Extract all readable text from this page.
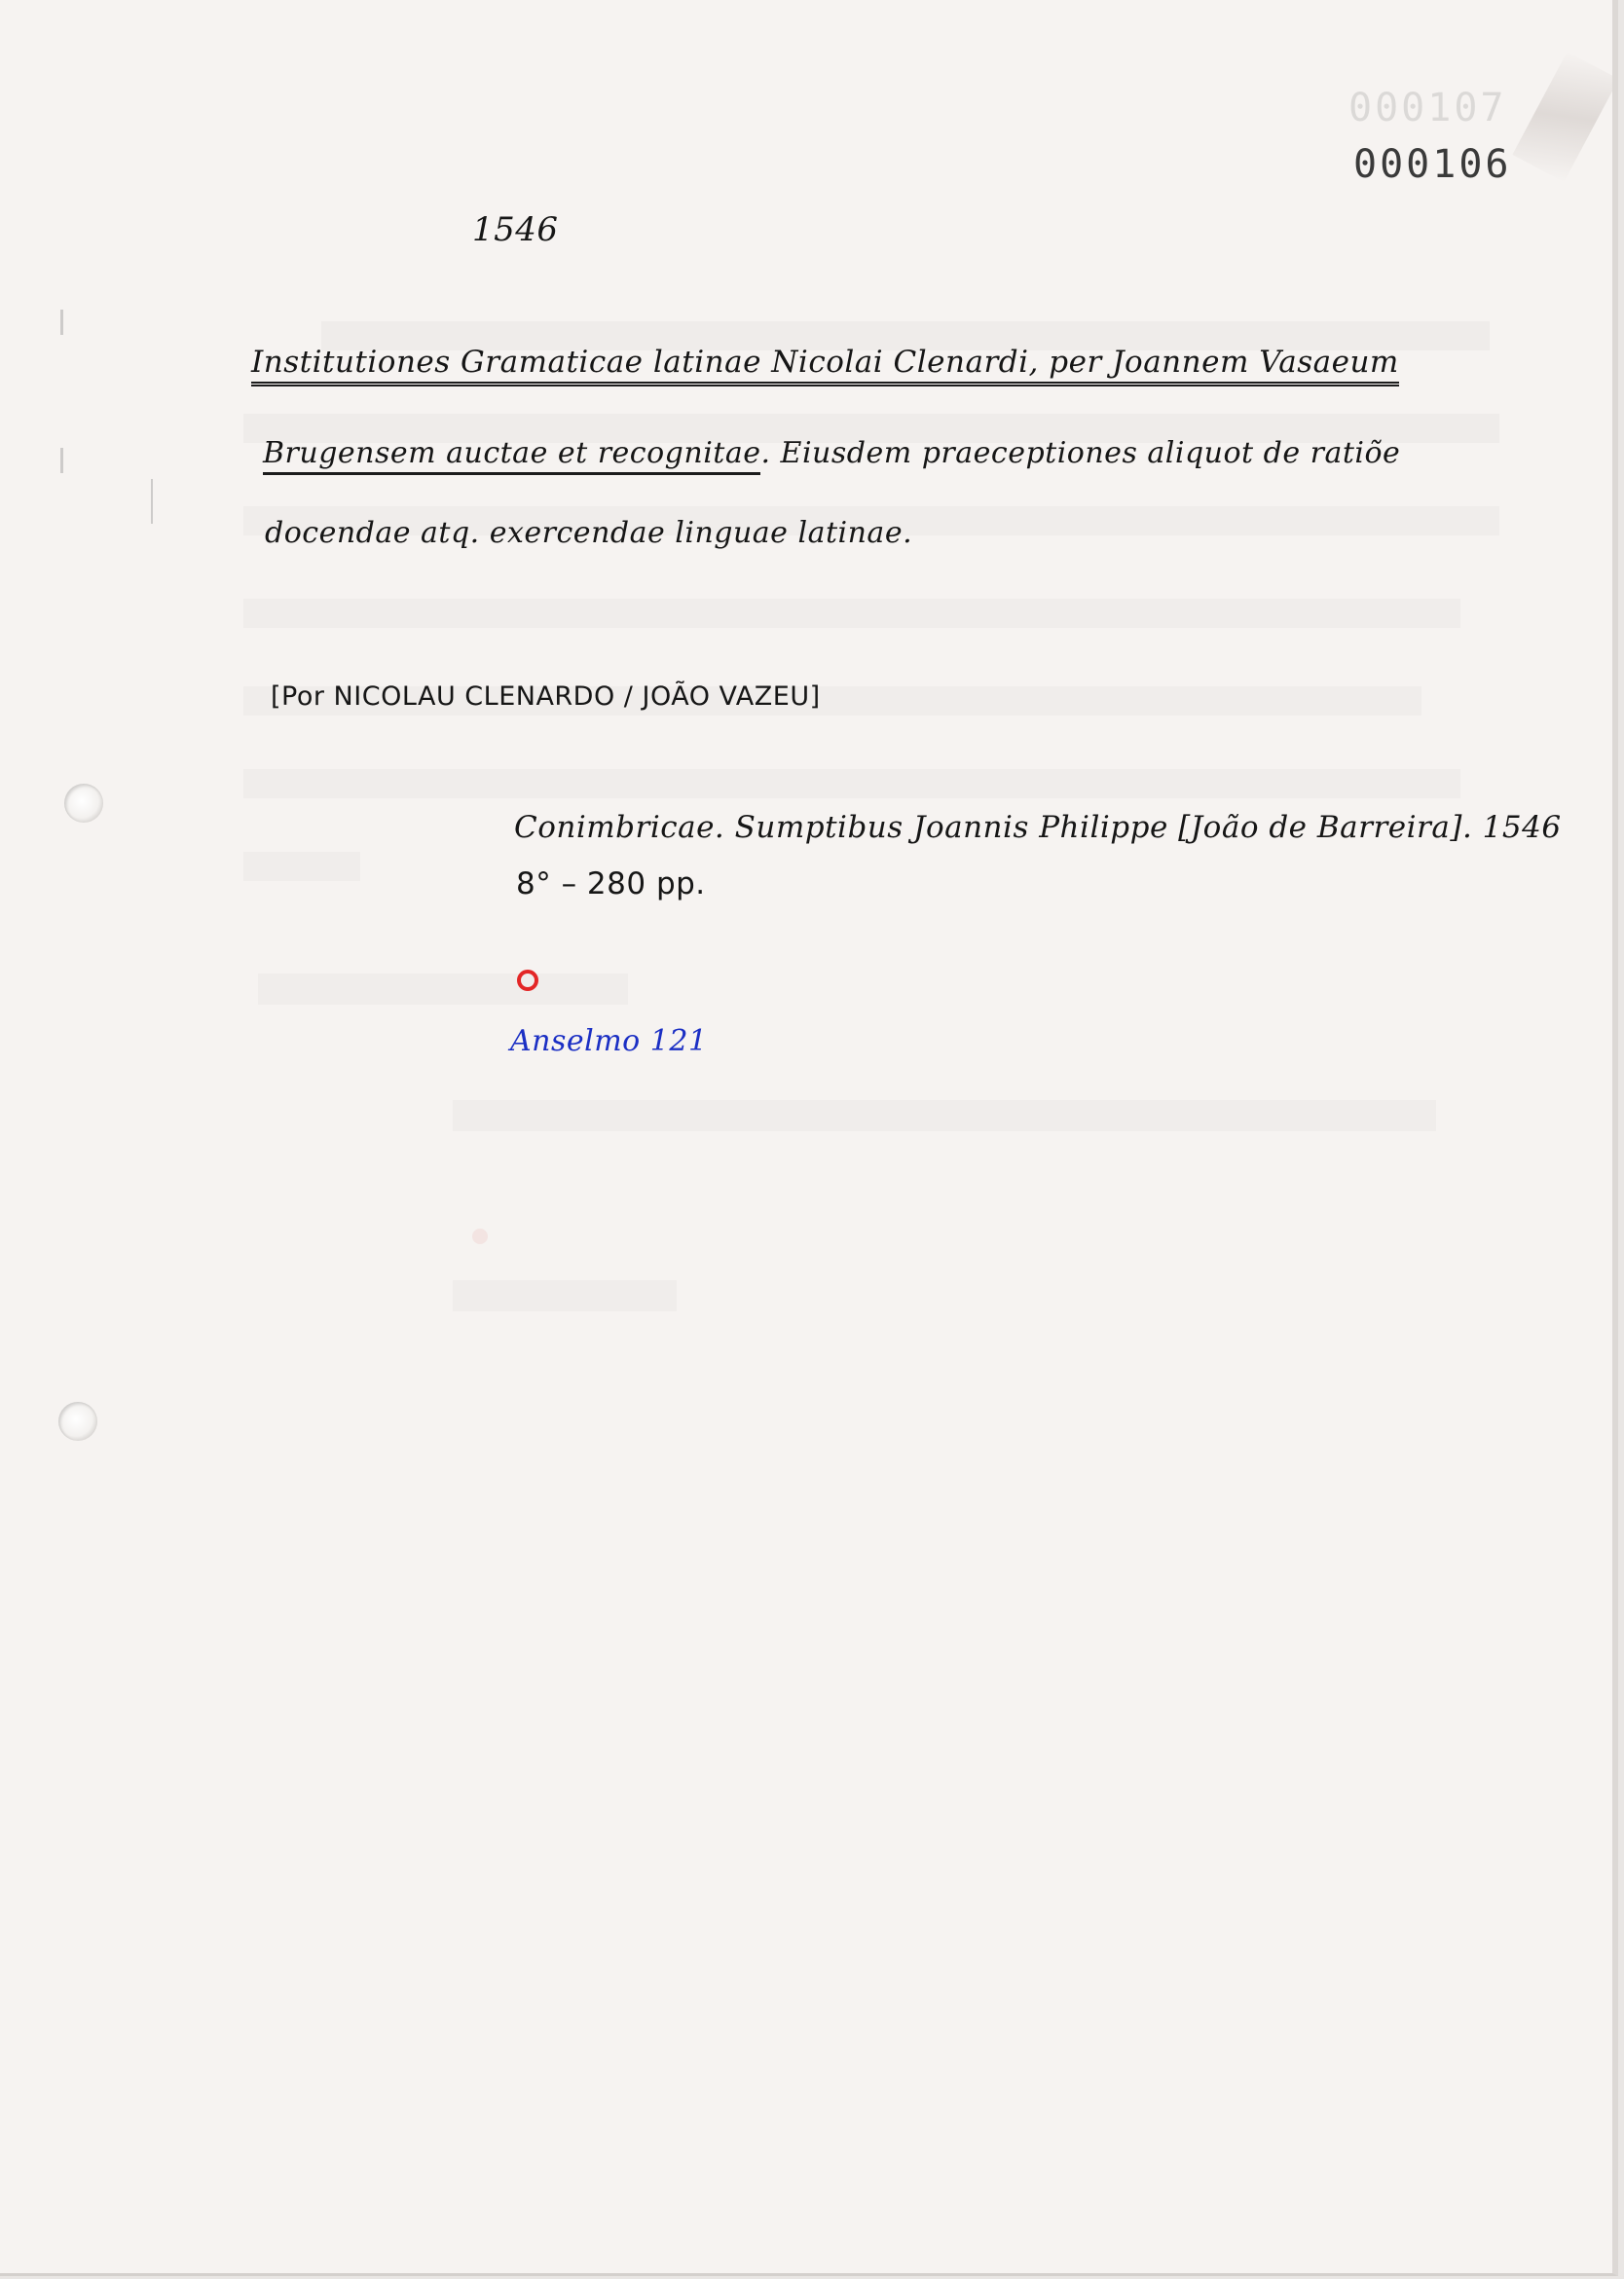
000107
000106
1546
Institutiones Gramaticae latinae Nicolai Clenardi, per Joannem Vasaeum
Brugensem auctae et recognitae. Eiusdem praeceptiones aliquot de ratiõe
docendae atq. exercendae linguae latinae.
[Por NICOLAU CLENARDO / JOÃO VAZEU]
Conimbricae. Sumptibus Joannis Philippe [João de Barreira]. 1546
8° – 280 pp.
Anselmo 121
